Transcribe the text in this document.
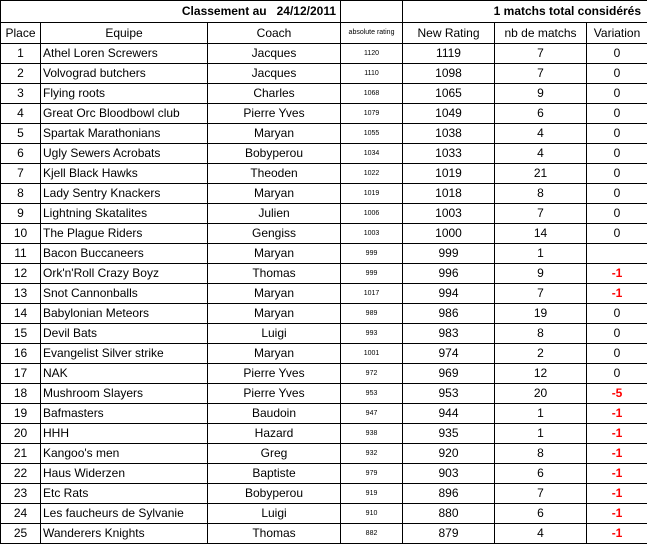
Classement au 24/12/2011				1 matchs total considérés		
Place	Equipe	Coach	absolute rating	New Rating	nb de matchs	Variation
1	Athel Loren Screwers	Jacques	1120	1119	7	0
2	Volvograd butchers	Jacques	1110	1098	7	0
3	Flying roots	Charles	1068	1065	9	0
4	Great Orc Bloodbowl club	Pierre Yves	1079	1049	6	0
5	Spartak Marathonians	Maryan	1055	1038	4	0
6	Ugly Sewers Acrobats	Bobyperou	1034	1033	4	0
7	Kjell Black Hawks	Theoden	1022	1019	21	0
8	Lady Sentry Knackers	Maryan	1019	1018	8	0
9	Lightning Skatalites	Julien	1006	1003	7	0
10	The Plague Riders	Gengiss	1003	1000	14	0
11	Bacon Buccaneers	Maryan	999	999	1	
12	Ork'n'Roll Crazy Boyz	Thomas	999	996	9	-1
13	Snot Cannonballs	Maryan	1017	994	7	-1
14	Babylonian Meteors	Maryan	989	986	19	0
15	Devil Bats	Luigi	993	983	8	0
16	Evangelist Silver strike	Maryan	1001	974	2	0
17	NAK	Pierre Yves	972	969	12	0
18	Mushroom Slayers	Pierre Yves	953	953	20	-5
19	Bafmasters	Baudoin	947	944	1	-1
20	HHH	Hazard	938	935	1	-1
21	Kangoo's men	Greg	932	920	8	-1
22	Haus Widerzen	Baptiste	979	903	6	-1
23	Etc Rats	Bobyperou	919	896	7	-1
24	Les faucheurs de Sylvanie	Luigi	910	880	6	-1
25	Wanderers Knights	Thomas	882	879	4	-1
